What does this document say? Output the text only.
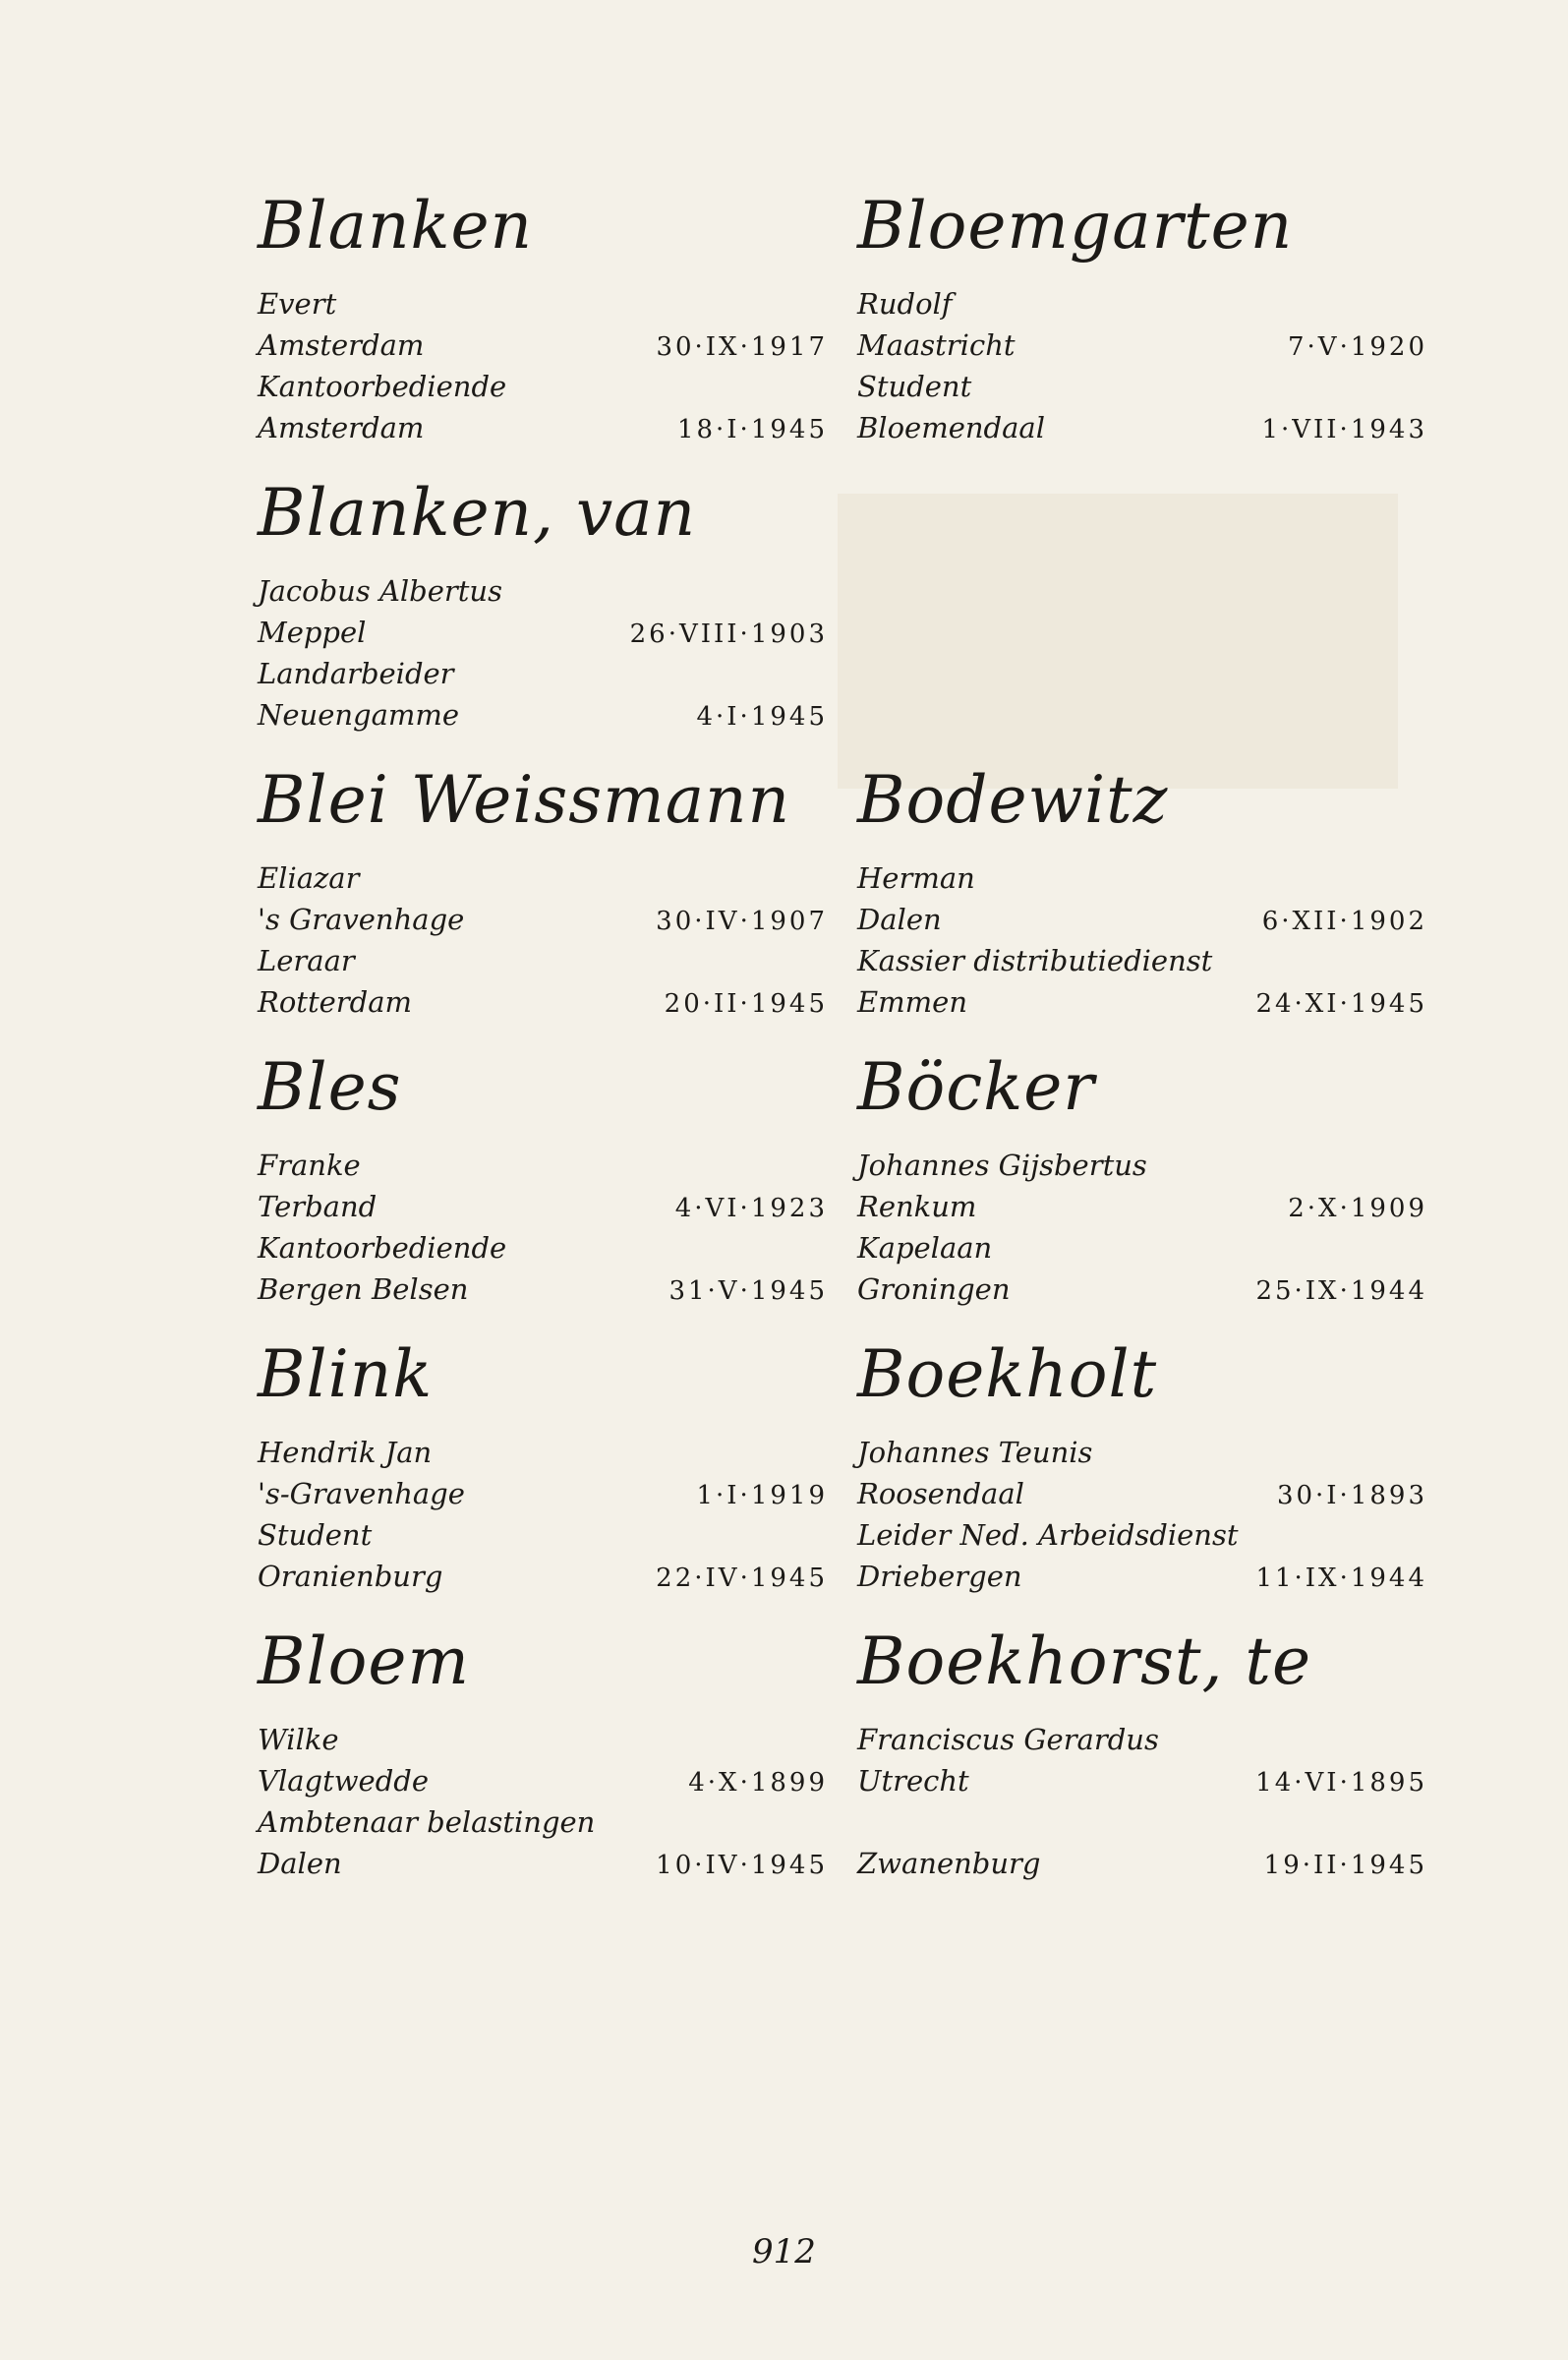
Blanken
Evert
Amsterdam	30·IX·1917
Kantoorbediende
Amsterdam	18·I·1945
Blanken, van
Jacobus Albertus
Meppel	26·VIII·1903
Landarbeider
Neuengamme	4·I·1945
Blei Weissmann
Eliazar
's Gravenhage	30·IV·1907
Leraar
Rotterdam	20·II·1945
Bles
Franke
Terband	4·VI·1923
Kantoorbediende
Bergen Belsen	31·V·1945
Blink
Hendrik Jan
's-Gravenhage	1·I·1919
Student
Oranienburg	22·IV·1945
Bloem
Wilke
Vlagtwedde	4·X·1899
Ambtenaar belastingen
Dalen	10·IV·1945
Bloemgarten
Rudolf
Maastricht	7·V·1920
Student
Bloemendaal	1·VII·1943
Bodewitz
Herman
Dalen	6·XII·1902
Kassier distributiedienst
Emmen	24·XI·1945
Böcker
Johannes Gijsbertus
Renkum	2·X·1909
Kapelaan
Groningen	25·IX·1944
Boekholt
Johannes Teunis
Roosendaal	30·I·1893
Leider Ned. Arbeidsdienst
Driebergen	11·IX·1944
Boekhorst, te
Franciscus Gerardus
Utrecht	14·VI·1895
Zwanenburg	19·II·1945
912
